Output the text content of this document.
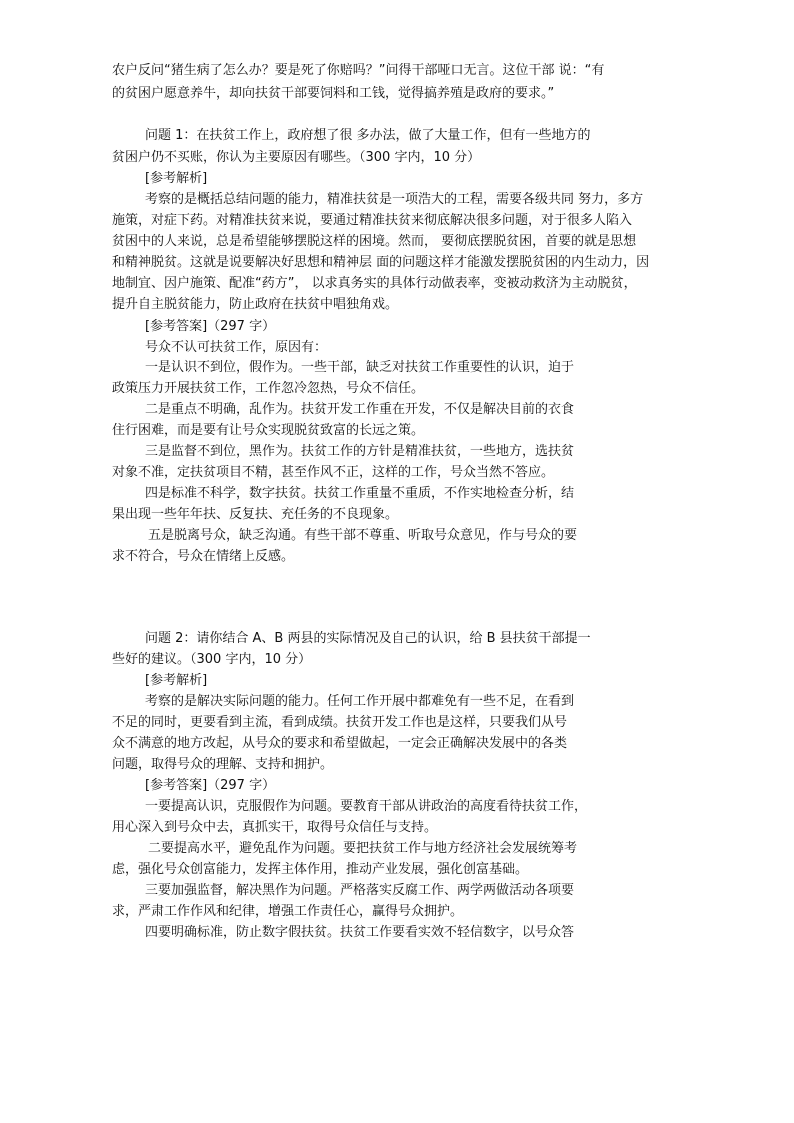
农户反问“猪生病了怎么办？要是死了你赔吗？”问得干部哑口无言。这位干部 说：“有
的贫困户愿意养牛，却向扶贫干部要饲料和工钱，觉得搞养殖是政府的要求。”
问题 1：在扶贫工作上，政府想了很 多办法，做了大量工作，但有一些地方的
贫困户仍不买账，你认为主要原因有哪些。（300 字内，10 分）
[参考解析]
考察的是概括总结问题的能力，精准扶贫是一项浩大的工程，需要各级共同 努力，多方
施策，对症下药。对精准扶贫来说，要通过精准扶贫来彻底解决很多问题，对于很多人陷入
贫困中的人来说，总是希望能够摆脱这样的困境。然而， 要彻底摆脱贫困，首要的就是思想
和精神脱贫。这就是说要解决好思想和精神层 面的问题这样才能激发摆脱贫困的内生动力，因
地制宜、因户施策、配准“药方”， 以求真务实的具体行动做表率，变被动救济为主动脱贫，
提升自主脱贫能力，防止政府在扶贫中唱独角戏。
[参考答案]（297 字）
号众不认可扶贫工作，原因有：
一是认识不到位，假作为。一些干部，缺乏对扶贫工作重要性的认识，迫于
政策压力开展扶贫工作，工作忽冷忽热，号众不信任。
二是重点不明确，乱作为。扶贫开发工作重在开发，不仅是解决目前的衣食
住行困难，而是要有让号众实现脱贫致富的长远之策。
三是监督不到位，黑作为。扶贫工作的方针是精准扶贫，一些地方，选扶贫
对象不准，定扶贫项目不精，甚至作风不正，这样的工作，号众当然不答应。
四是标准不科学，数字扶贫。扶贫工作重量不重质，不作实地检查分析，结
果出现一些年年扶、反复扶、充任务的不良现象。
五是脱离号众，缺乏沟通。有些干部不尊重、听取号众意见，作与号众的要
求不符合，号众在情绪上反感。
问题 2：请你结合 A、B 两县的实际情况及自己的认识，给 B 县扶贫干部提一
些好的建议。（300 字内，10 分）
[参考解析]
考察的是解决实际问题的能力。任何工作开展中都难免有一些不足，在看到
不足的同时，更要看到主流，看到成绩。扶贫开发工作也是这样，只要我们从号
众不满意的地方改起，从号众的要求和希望做起，一定会正确解决发展中的各类
问题，取得号众的理解、支持和拥护。
[参考答案]（297 字）
一要提高认识，克服假作为问题。要教育干部从讲政治的高度看待扶贫工作，
用心深入到号众中去，真抓实干，取得号众信任与支持。
二要提高水平，避免乱作为问题。要把扶贫工作与地方经济社会发展统筹考
虑，强化号众创富能力，发挥主体作用，推动产业发展，强化创富基础。
三要加强监督，解决黑作为问题。严格落实反腐工作、两学两做活动各项要
求，严肃工作作风和纪律，增强工作责任心，赢得号众拥护。
四要明确标准，防止数字假扶贫。扶贫工作要看实效不轻信数字，以号众答
